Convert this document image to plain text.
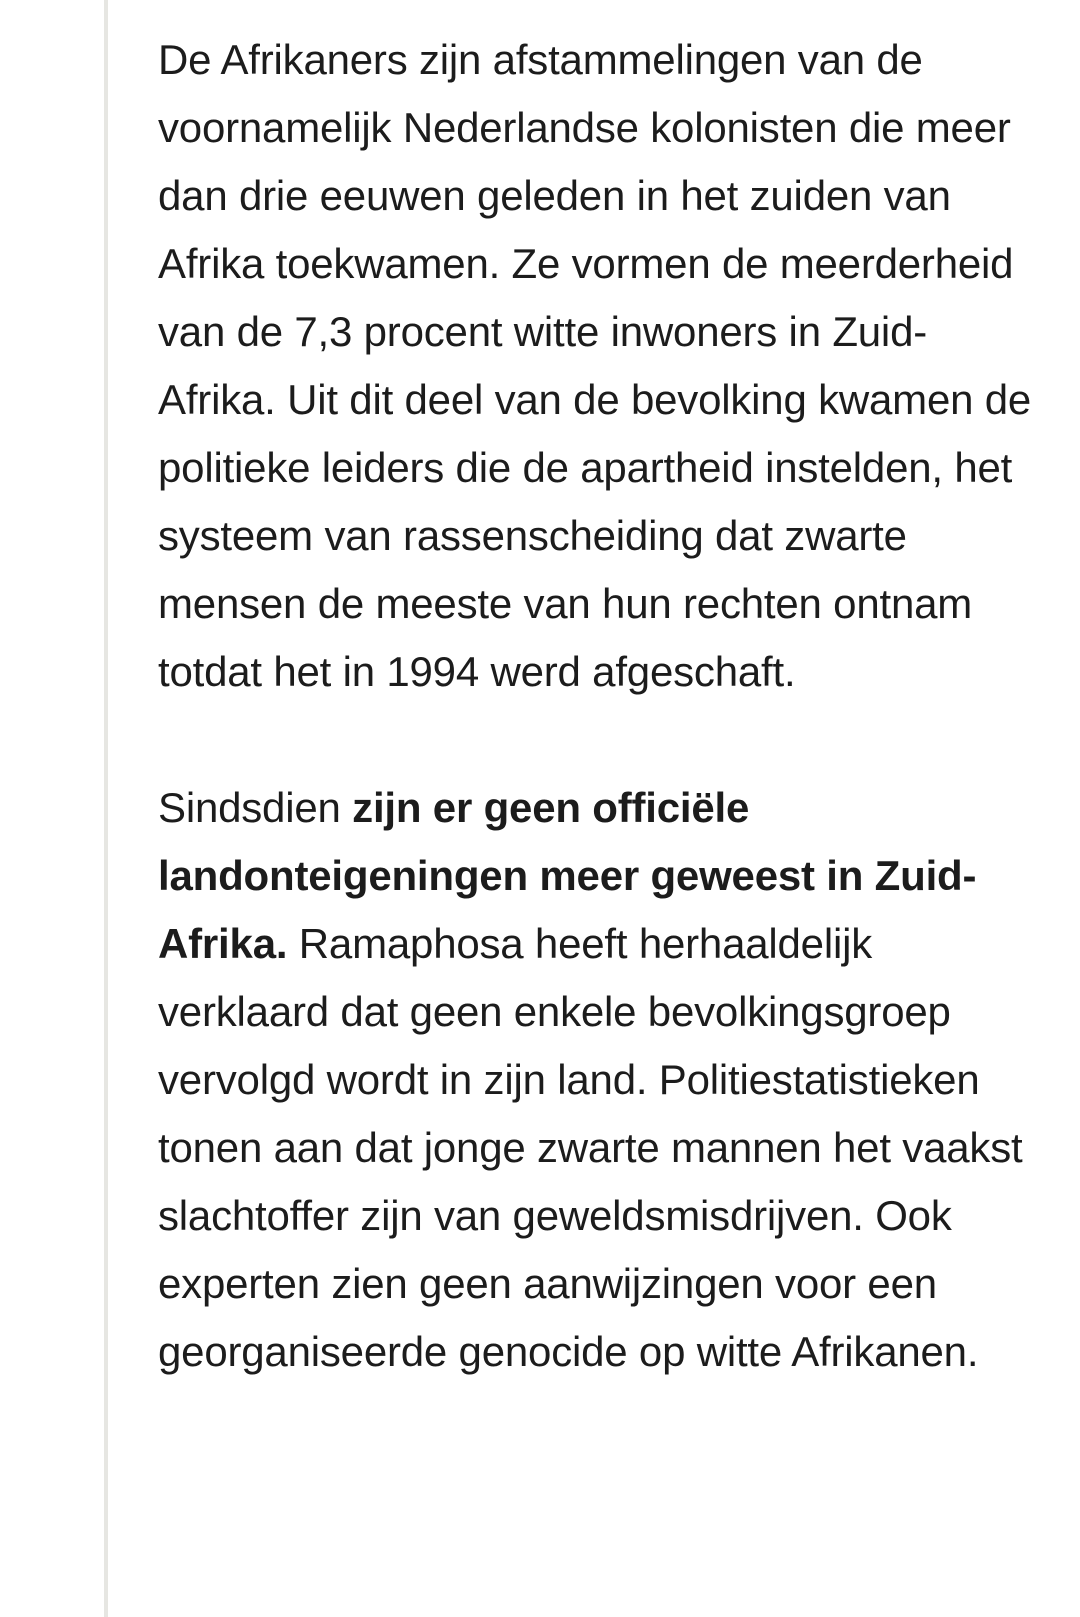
De Afrikaners zijn afstammelingen van de voornamelijk Nederlandse kolonisten die meer dan drie eeuwen geleden in het zuiden van Afrika toekwamen. Ze vormen de meerderheid van de 7,3 procent witte inwoners in Zuid-Afrika. Uit dit deel van de bevolking kwamen de politieke leiders die de apartheid instelden, het systeem van rassenscheiding dat zwarte mensen de meeste van hun rechten ontnam totdat het in 1994 werd afgeschaft.

Sindsdien zijn er geen officiële landonteigeningen meer geweest in Zuid-Afrika. Ramaphosa heeft herhaaldelijk verklaard dat geen enkele bevolkingsgroep vervolgd wordt in zijn land. Politiestatistieken tonen aan dat jonge zwarte mannen het vaakst slachtoffer zijn van geweldsmisdrijven. Ook experten zien geen aanwijzingen voor een georganiseerde genocide op witte Afrikanen.
